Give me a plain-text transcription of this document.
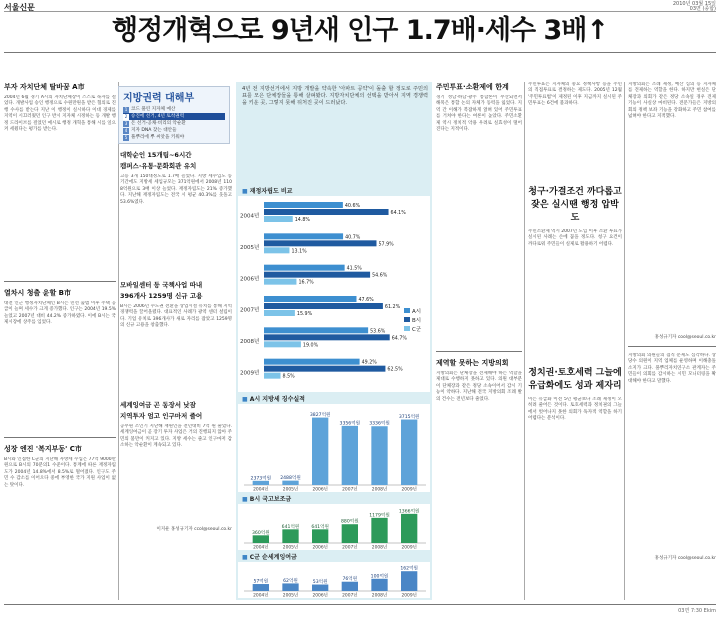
서울신문	2010년 03월 15일
03면 (종합)
행정개혁으로 9년새 인구 1.7배·세수 3배↑
부자 자치단체 탈바꿈 A市
2004년 6월 경기 A시의 자치단체장이 스스로 독자를 걸었다. 개발사업 승인 행정으로 수원만원을 받은 혐의로 진행 수사를 받는다 지난 이 행정이 실시하다 이대 경제를 지역이 시끄러웠던 인구 반시 지자체 시정하는 등 개발 행정 드라이브를 걸었던 예시로 행정 개혁을 통해 시를 일으켜 세웠다는 평가를 받는다.
열차시 청출 윤할 B市
대전 인근 행정자치단체인 B시는 민선 출범 이후 주택 공급이 늘며 세수가 크게 증가했다. 인구는 2004년 19.5% 늘었고 2007년 대비 44.2% 증가하였다. 이에 B시는 국제시장에 상주를 입었다.
성장 엔진 '복지부동' C市
B시와 인접한 C군의 지난해 자방세 수입은 77억 9000만 원으로 B시의 70분의1 수준이다. 통계에 따른 재정자립도가 2004년 14.8%에서 8.5%로 떨어졌다. 인구도 주민 수 감소를 이어오다 중에 부영한 국가 지원 사업이 없는 탓이다.
지방권력 대해부
1 코드 풀린 지자체 예산
2 승진에 선거, 4년 토착권력
3 돈 선거-공채·비리의 악순환
4 지자 DNA 찾는 대안들
5 풀뿌리에 뿌 씨앗을 키워야
대학순인 15개팀~6시간
캠퍼스·유통·문화회관 유치
고등 3개 150대정도로 1.7배 늘었다. 지방 세수입도 동기간에도 지방세 세입규모는 371억원에서 2008년 1108억원으로 3배 이상 늘었다. 재정자립도는 21% 증가했다. 지난해 재정자립도는 전국 시 평균 40.3%를 웃돌고 53.6%였다.
모바일센터 등 국책사업 따내
396개사 1259명 신규 고용
B시는 2006년 수도권 전환을 상업시설 유치를 통해 지역 경쟁력을 끌어올렸다. 대표적인 사례가 광역 센터 설립이다. 기업 유치로 396개사가 새로 자리를 잡았고 1259명의 신규 고용을 창출했다.
세계잉여금 곤 동장서 낮잠
지역투자 엄고 인구마저 줄어
공무원 조인기 지난해 재원인을 전년대비 7억 원 줄었다. 세계잉여금이 곧 장기 투자 사업은 거의 진행되지 않아 주민의 불만이 커지고 있다. 지방 세수는 줄고 인구마저 감소하는 악순환이 계속되고 있다.
이지운 홍성규기자 ccol@seoul.co.kr
4년 전 지방선거에서 지방 개발을 약속한 '아파트 공약'이 돌출 할 정도로 주민의 표를 모은 단체장들을 통해 살펴봤다. 지방자치단체의 선택을 받아서 지역 경쟁력을 키운 곳, 그렇지 못해 뒤처진 곳이 드러났다.
■ 재정자립도 비교
2004년
40.6%
64.1%
14.8%
2005년
40.7%
57.9%
13.1%
2006년
41.5%
54.6%
16.7%
2007년
47.6%
61.2%
15.9%
2008년
53.6%
64.7%
19.0%
2009년
49.2%
62.5%
8.5%
A시
B시
C군
■ A시 지방세 징수실적
2373억원
2004년
2488억원
2005년
3827억원
2006년
3356억원
2007년
3336억원
2008년
3715억원
2009년
■ B시 국고보조금
360억원
2004년
641억원
2005년
641억원
2006년
880억원
2007년
1179억원
2008년
1366억원
2009년
■ C군 순세계잉여금
57억원
2004년
62억원
2005년
53억원
2006년
76억원
2007년
100억원
2008년
162억원
2009년
주민투표·소환제에 한계
경기 성남·하남·광주 통합론이 무산되면서 해묵은 통합 논의 자체가 동력을 잃었다. 지역 간 이해가 복잡하게 얽혀 있어 주민투표를 거쳐야 한다는 여론이 높았다. 주민소환제 역시 정치적 악용 우려로 실효성이 떨어진다는 지적이다.
제역할 못하는 지방의회
지방의회는 단체장을 견제해야 하는 역할을 제대로 수행하지 못하고 있다. 의원 대부분이 단체장과 같은 정당 소속이어서 감시 기능이 약하다. 지난해 전국 지방의회 조례 발의 건수는 전년보다 줄었다.
주민투표는 지자체의 중요 정책사항 등을 주민의 직접투표로 결정하는 제도다. 2005년 12월 '주민투표법'이 제정된 이후 지금까지 실시된 주민투표는 6건에 불과하다.
청구·가결조건 까다롭고
잦은 실시땐 행정 압박도
주민소환제 역시 2007년 도입 이후 소환 투표가 실시된 사례는 손에 꼽을 정도다. 청구 요건이 까다로워 주민들이 실제로 활용하기 어렵다.
정치권·토호세력 그늘에
유급화에도 성과 제자리
이는 유급화 이전 5년 평균보다 조례 제정이 오히려 줄어든 것이다. 토호세력과 정치권의 그늘에서 벗어나지 못한 의회가 독자적 역할을 하기 어렵다는 분석이다.
지방의회는 조례 제정, 예산 심의 등 지자체를 견제하는 역할을 한다. 하지만 현실은 단체장과 의회가 같은 정당 소속일 경우 견제 기능이 사실상 마비된다. 전문가들은 지방의회의 정책 보좌 기능을 강화하고 주민 참여를 넓혀야 한다고 지적했다.
홍성규기자 cool@seoul.co.kr
지방의회 의원들의 겸직 문제도 심각하다. 상당수 의원이 지역 업체를 운영하며 이해충돌 소지가 크다. 풀뿌리자치연구소 관계자는 주민들이 의회를 감시하는 시민 모니터링을 확대해야 한다고 말했다.
홍성규기자 cool@seoul.co.kr
03면 7:30 Ekim
